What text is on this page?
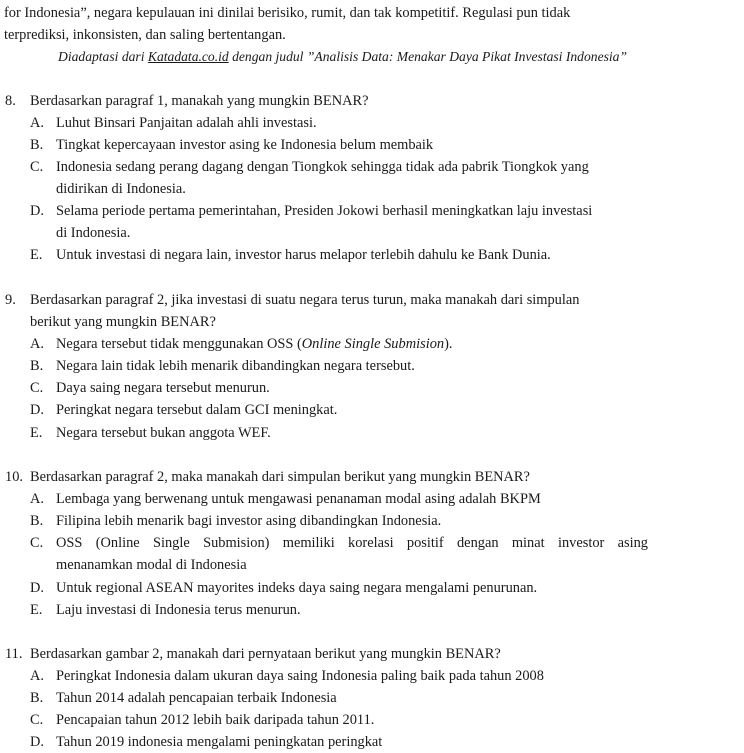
for Indonesia”, negara kepulauan ini dinilai berisiko, rumit, dan tak kompetitif. Regulasi pun tidak
terprediksi, inkonsisten, dan saling bertentangan.
Diadaptasi dari Katadata.co.id dengan judul ”Analisis Data: Menakar Daya Pikat Investasi Indonesia”
8. Berdasarkan paragraf 1, manakah yang mungkin BENAR?
A. Luhut Binsari Panjaitan adalah ahli investasi.
B. Tingkat kepercayaan investor asing ke Indonesia belum membaik
C. Indonesia sedang perang dagang dengan Tiongkok sehingga tidak ada pabrik Tiongkok yang
didirikan di Indonesia.
D. Selama periode pertama pemerintahan, Presiden Jokowi berhasil meningkatkan laju investasi
di Indonesia.
E. Untuk investasi di negara lain, investor harus melapor terlebih dahulu ke Bank Dunia.
9. Berdasarkan paragraf 2, jika investasi di suatu negara terus turun, maka manakah dari simpulan
berikut yang mungkin BENAR?
A. Negara tersebut tidak menggunakan OSS (Online Single Submision).
B. Negara lain tidak lebih menarik dibandingkan negara tersebut.
C. Daya saing negara tersebut menurun.
D. Peringkat negara tersebut dalam GCI meningkat.
E. Negara tersebut bukan anggota WEF.
10. Berdasarkan paragraf 2, maka manakah dari simpulan berikut yang mungkin BENAR?
A. Lembaga yang berwenang untuk mengawasi penanaman modal asing adalah BKPM
B. Filipina lebih menarik bagi investor asing dibandingkan Indonesia.
C. OSS (Online Single Submision) memiliki korelasi positif dengan minat investor asing
menanamkan modal di Indonesia
D. Untuk regional ASEAN mayorites indeks daya saing negara mengalami penurunan.
E. Laju investasi di Indonesia terus menurun.
11. Berdasarkan gambar 2, manakah dari pernyataan berikut yang mungkin BENAR?
A. Peringkat Indonesia dalam ukuran daya saing Indonesia paling baik pada tahun 2008
B. Tahun 2014 adalah pencapaian terbaik Indonesia
C. Pencapaian tahun 2012 lebih baik daripada tahun 2011.
D. Tahun 2019 indonesia mengalami peningkatan peringkat
